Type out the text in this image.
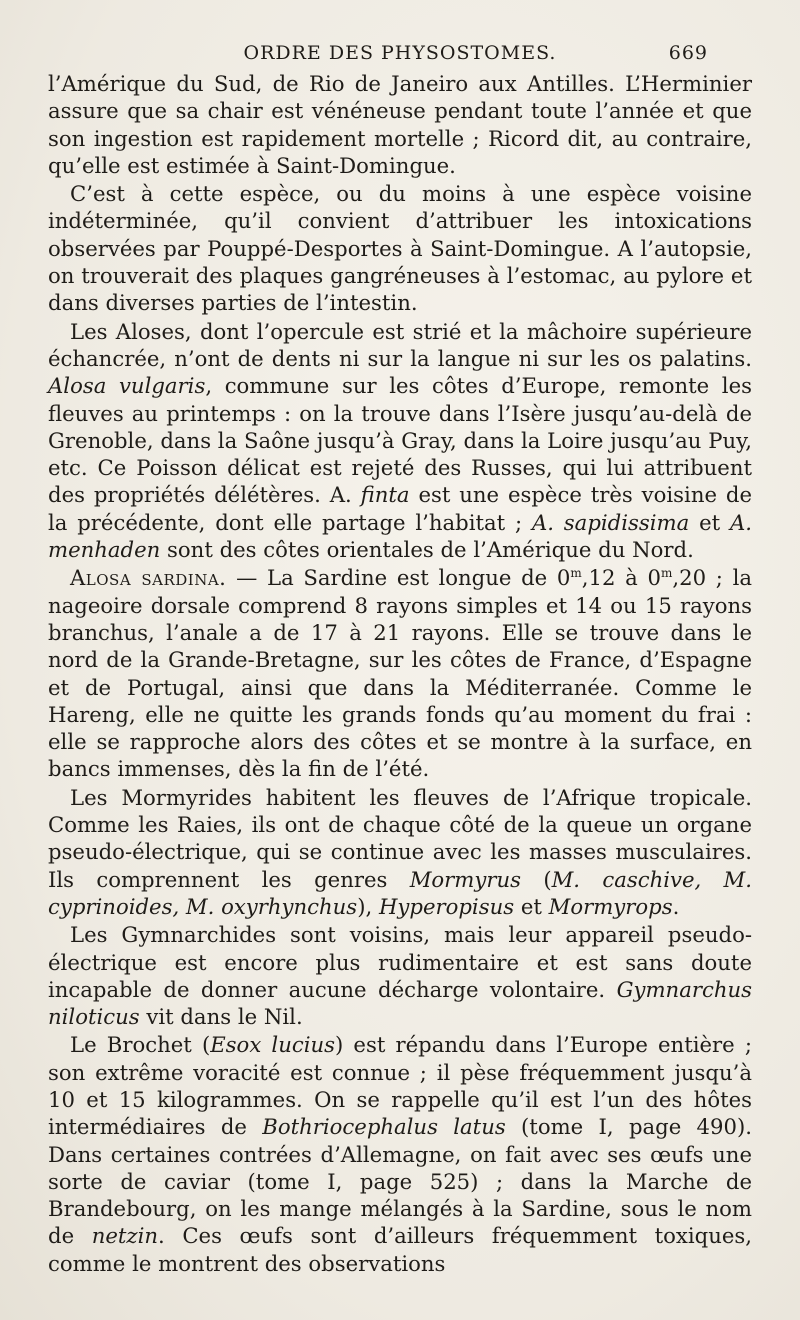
ORDRE DES PHYSOSTOMES.	669

l’Amérique du Sud, de Rio de Janeiro aux Antilles. L’Herminier assure que sa chair est vénéneuse pendant toute l’année et que son ingestion est rapidement mortelle ; Ricord dit, au contraire, qu’elle est estimée à Saint-Domingue.

C’est à cette espèce, ou du moins à une espèce voisine indéterminée, qu’il convient d’attribuer les intoxications observées par Pouppé-Desportes à Saint-Domingue. A l’autopsie, on trouverait des plaques gangréneuses à l’estomac, au pylore et dans diverses parties de l’intestin.

Les Aloses, dont l’opercule est strié et la mâchoire supérieure échancrée, n’ont de dents ni sur la langue ni sur les os palatins. Alosa vulgaris, commune sur les côtes d’Europe, remonte les fleuves au printemps : on la trouve dans l’Isère jusqu’au-delà de Grenoble, dans la Saône jusqu’à Gray, dans la Loire jusqu’au Puy, etc. Ce Poisson délicat est rejeté des Russes, qui lui attribuent des propriétés délétères. A. finta est une espèce très voisine de la précédente, dont elle partage l’habitat ; A. sapidissima et A. menhaden sont des côtes orientales de l’Amérique du Nord.

Alosa sardina. — La Sardine est longue de 0$^m$,12 à 0$^m$,20 ; la nageoire dorsale comprend 8 rayons simples et 14 ou 15 rayons branchus, l’anale a de 17 à 21 rayons. Elle se trouve dans le nord de la Grande-Bretagne, sur les côtes de France, d’Espagne et de Portugal, ainsi que dans la Méditerranée. Comme le Hareng, elle ne quitte les grands fonds qu’au moment du frai : elle se rapproche alors des côtes et se montre à la surface, en bancs immenses, dès la fin de l’été.

Les Mormyrides habitent les fleuves de l’Afrique tropicale. Comme les Raies, ils ont de chaque côté de la queue un organe pseudo-électrique, qui se continue avec les masses musculaires. Ils comprennent les genres Mormyrus (M. caschive, M. cyprinoides, M. oxyrhynchus), Hyperopisus et Mormyrops.

Les Gymnarchides sont voisins, mais leur appareil pseudo-électrique est encore plus rudimentaire et est sans doute incapable de donner aucune décharge volontaire. Gymnarchus niloticus vit dans le Nil.

Le Brochet (Esox lucius) est répandu dans l’Europe entière ; son extrême voracité est connue ; il pèse fréquemment jusqu’à 10 et 15 kilogrammes. On se rappelle qu’il est l’un des hôtes intermédiaires de Bothriocephalus latus (tome I, page 490). Dans certaines contrées d’Allemagne, on fait avec ses œufs une sorte de caviar (tome I, page 525) ; dans la Marche de Brandebourg, on les mange mélangés à la Sardine, sous le nom de netzin. Ces œufs sont d’ailleurs fréquemment toxiques, comme le montrent des observations
